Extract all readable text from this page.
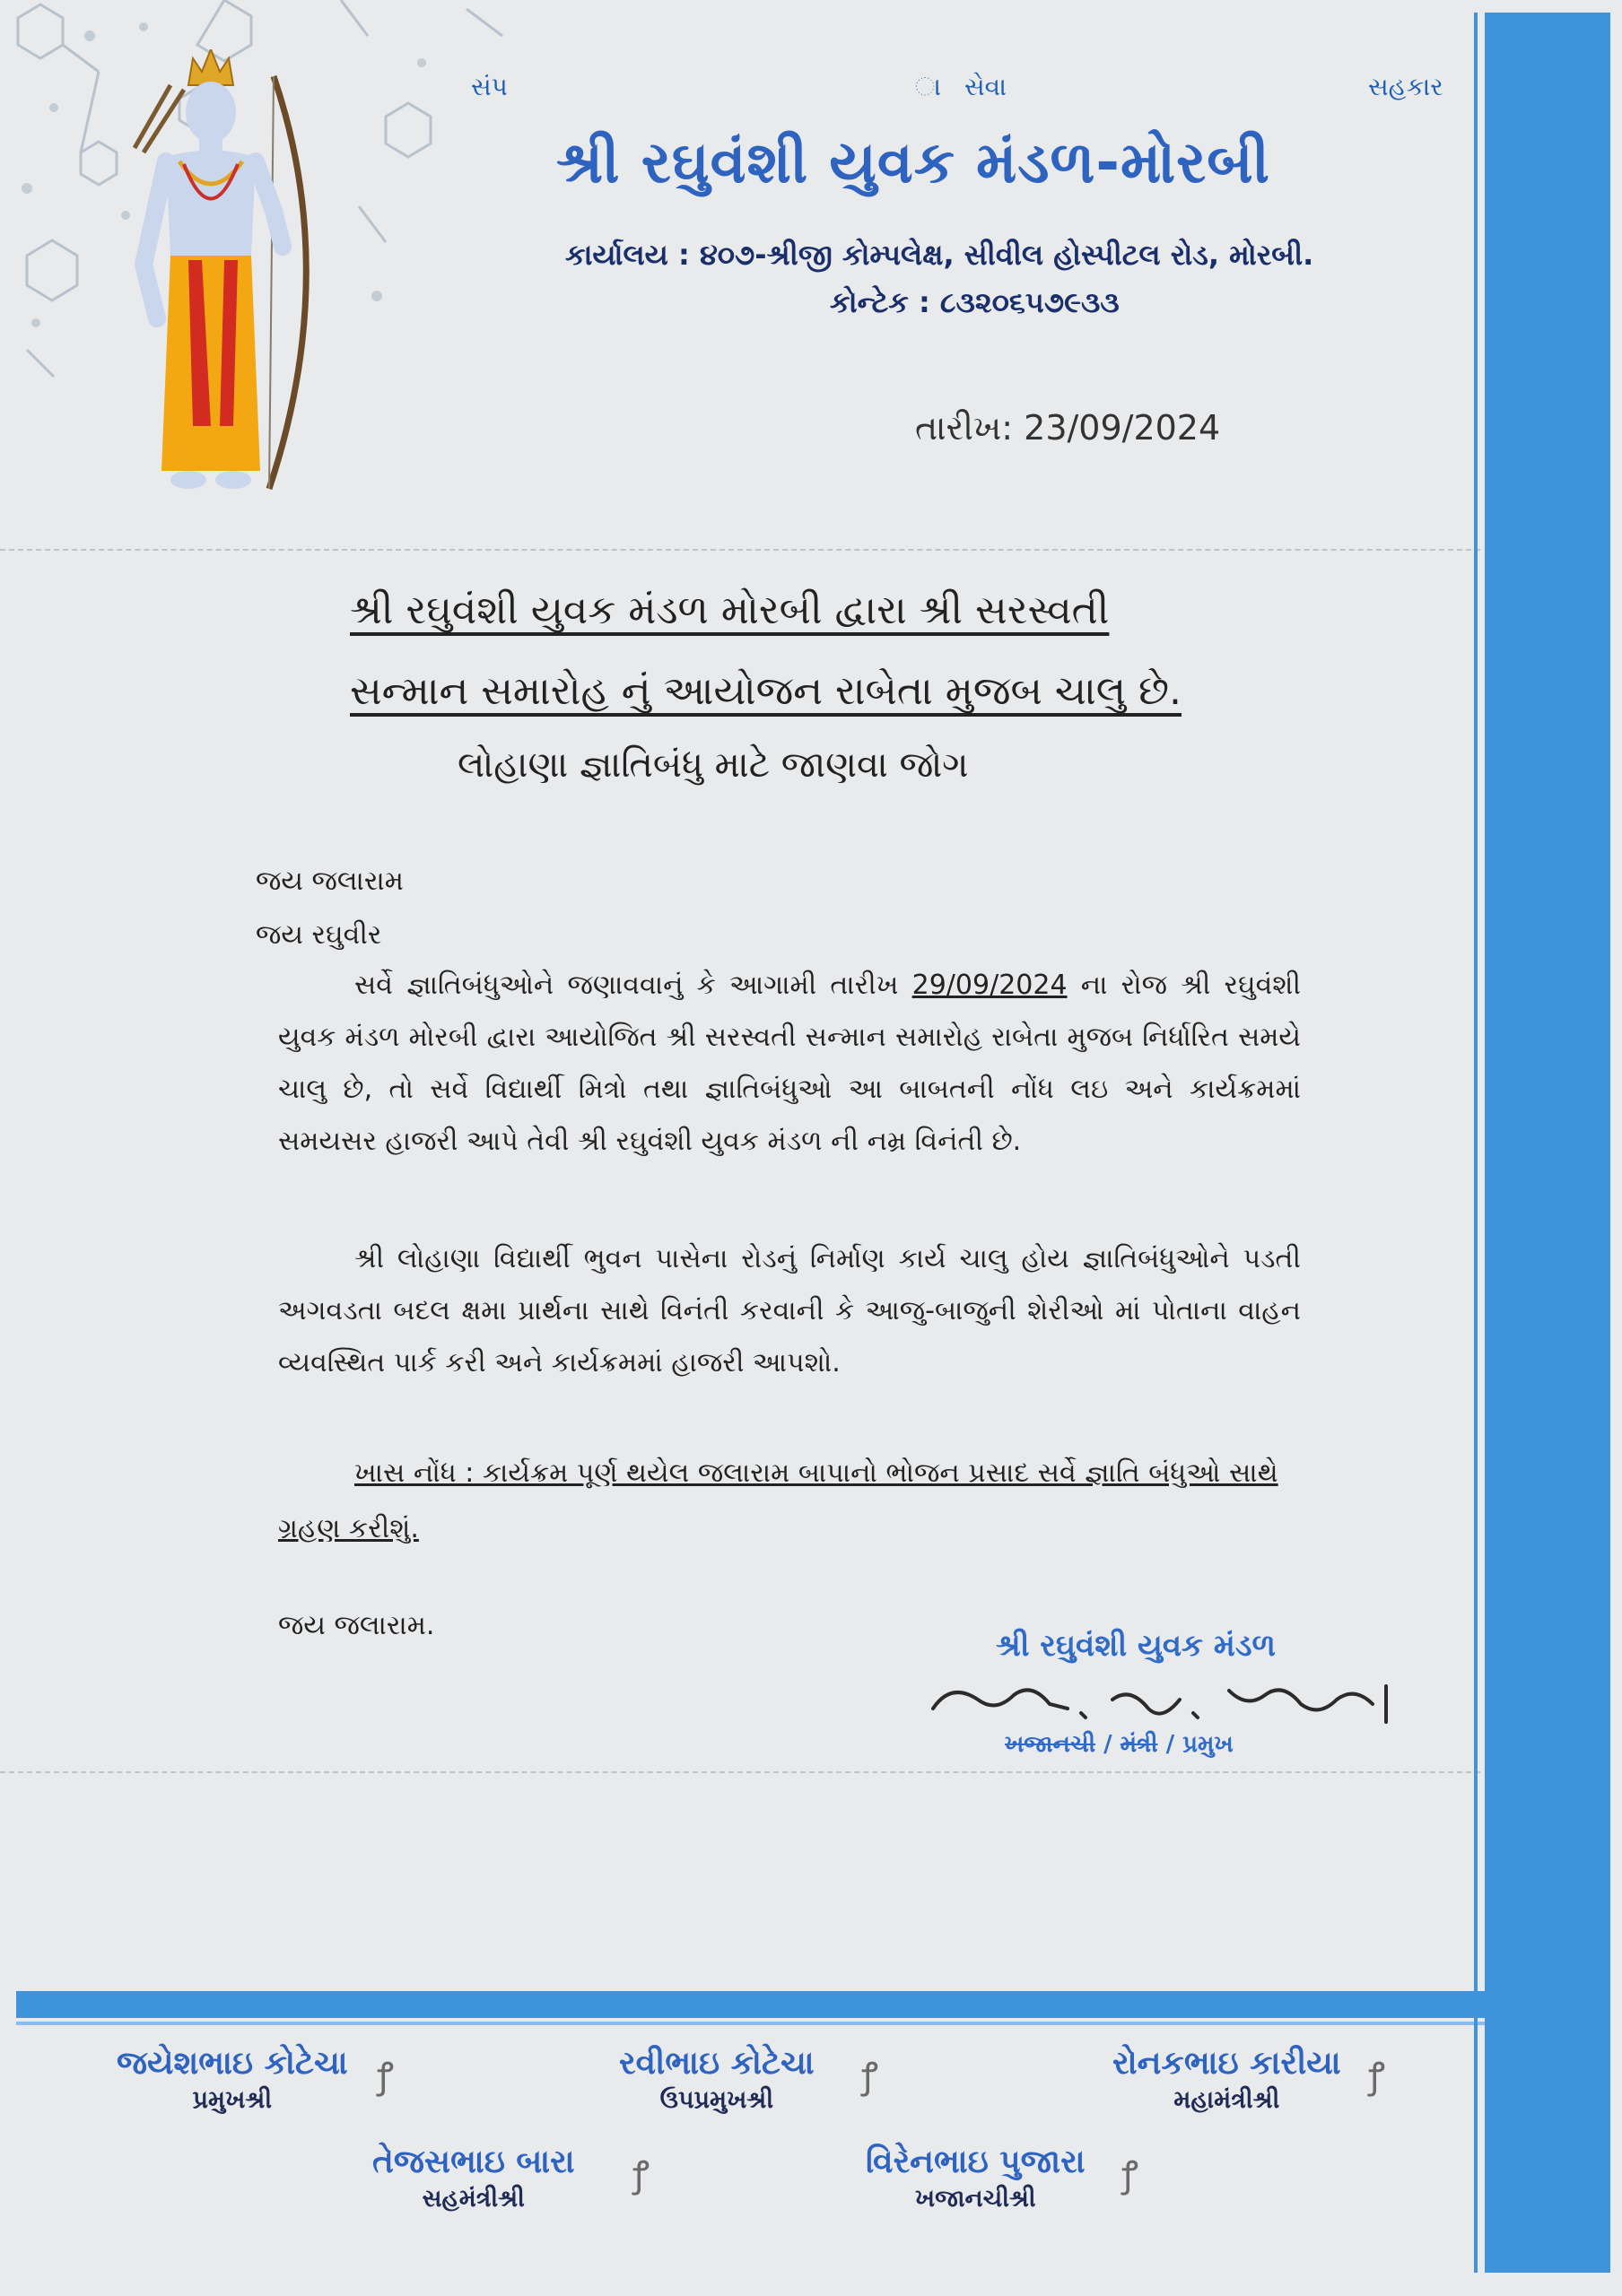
સંપ	ા સેવા	સહકાર
શ્રી રઘુવંશી યુવક મંડળ-મોરબી
કાર્યાલય : ૪૦૭-શ્રીજી કોમ્પલેક્ષ, સીવીલ હોસ્પીટલ રોડ, મોરબી.
કોન્ટેક : ૮૩૨૦૬૫૭૯૩૩
તારીખ: 23/09/2024
શ્રી રઘુવંશી યુવક મંડળ મોરબી દ્વારા શ્રી સરસ્વતી
સન્માન સમારોહ નું આયોજન રાબેતા મુજબ ચાલુ છે.
લોહાણા જ્ઞાતિબંધુ માટે જાણવા જોગ
જય જલારામ
જય રઘુવીર
સર્વે જ્ઞાતિબંધુઓને જણાવવાનું કે આગામી તારીખ 29/09/2024 ના રોજ શ્રી રઘુવંશી યુવક મંડળ મોરબી દ્વારા આયોજિત શ્રી સરસ્વતી સન્માન સમારોહ રાબેતા મુજબ નિર્ધારિત સમયે ચાલુ છે, તો સર્વે વિદ્યાર્થી મિત્રો તથા જ્ઞાતિબંધુઓ આ બાબતની નોંધ લઇ અને કાર્યક્રમમાં સમયસર હાજરી આપે તેવી શ્રી રઘુવંશી યુવક મંડળ ની નમ્ર વિનંતી છે.
શ્રી લોહાણા વિદ્યાર્થી ભુવન પાસેના રોડનું નિર્માણ કાર્ય ચાલુ હોય જ્ઞાતિબંધુઓને પડતી અગવડતા બદલ ક્ષમા પ્રાર્થના સાથે વિનંતી કરવાની કે આજુ-બાજુની શેરીઓ માં પોતાના વાહન વ્યવસ્થિત પાર્ક કરી અને કાર્યક્રમમાં હાજરી આપશો.
ખાસ નોંધ : કાર્યક્રમ પૂર્ણ થયેલ જલારામ બાપાનો ભોજન પ્રસાદ સર્વે જ્ઞાતિ બંધુઓ સાથે ગ્રહણ કરીશું.
જય જલારામ.
શ્રી રઘુવંશી યુવક મંડળ
ખજાનચી / મંત્રી / પ્રમુખ
જયેશભાઇ કોટેચા
પ્રમુખશ્રી
ꝭ	રવીભાઇ કોટેચા
ઉપપ્રમુખશ્રી
ꝭ	રોનકભાઇ કારીયા
મહામંત્રીશ્રી
ꝭ
તેજસભાઇ બારા
સહમંત્રીશ્રી
ꝭ	વિરેનભાઇ પુજારા
ખજાનચીશ્રી
ꝭ
